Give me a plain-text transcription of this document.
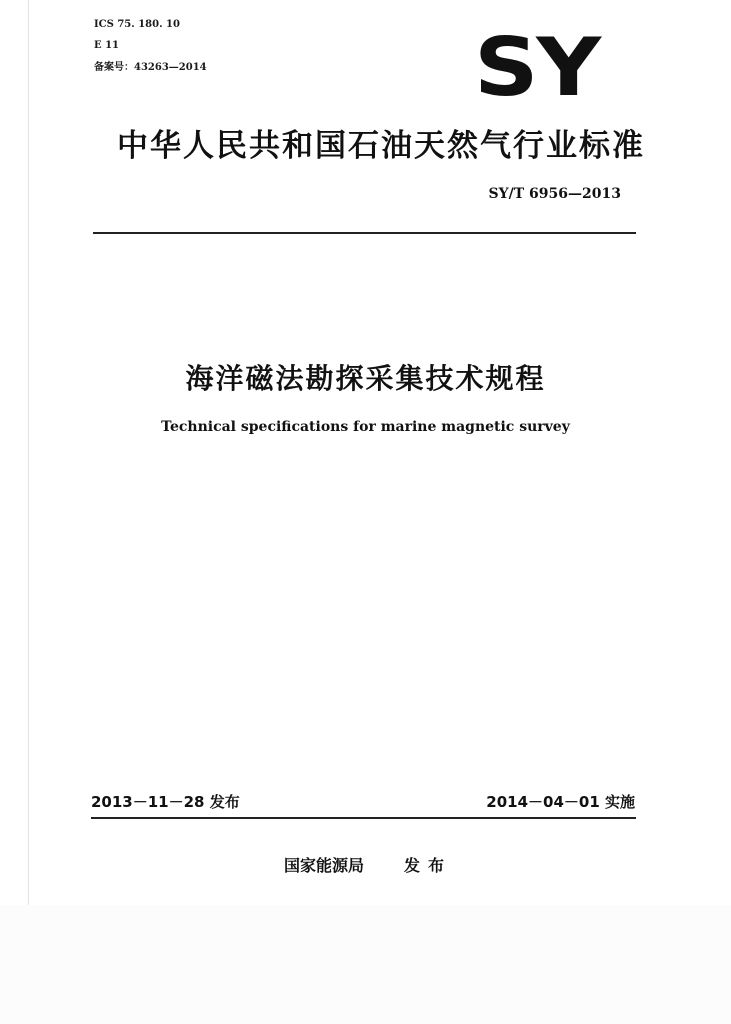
ICS 75. 180. 10
E 11
备案号：43263—2014	SY
中华人民共和国石油天然气行业标准
SY/T 6956—2013
海洋磁法勘探采集技术规程
Technical specifications for marine magnetic survey
2013－11－28 发布	2014－04－01 实施
国家能源局 发布
